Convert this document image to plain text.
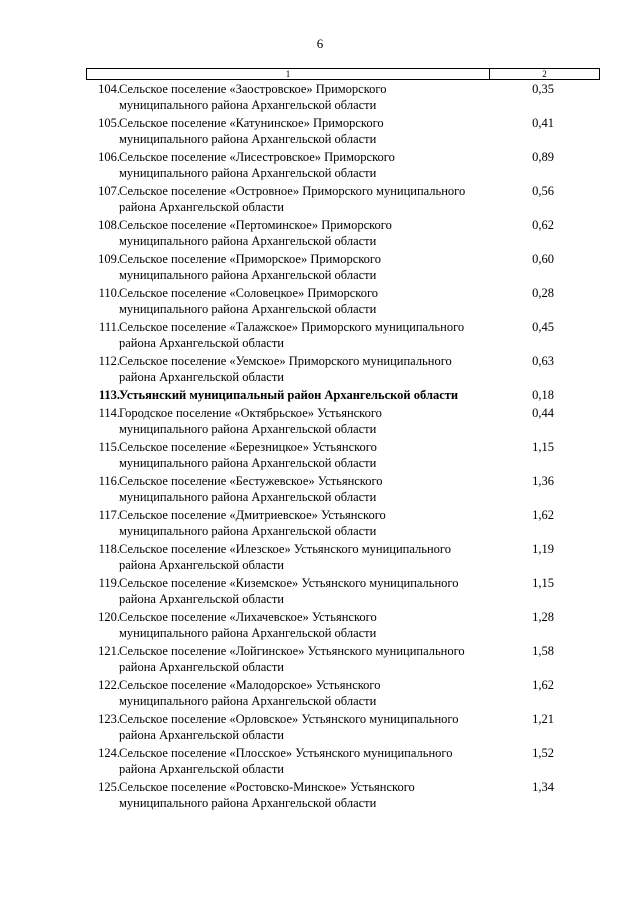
6
1	2
104. Сельское поселение «Заостровское» Приморского
муниципального района Архангельской области
0,35
105. Сельское поселение «Катунинское» Приморского
муниципального района Архангельской области
0,41
106. Сельское поселение «Лисестровское» Приморского
муниципального района Архангельской области
0,89
107. Сельское поселение «Островное» Приморского муниципального
района Архангельской области
0,56
108. Сельское поселение «Пертоминское» Приморского
муниципального района Архангельской области
0,62
109. Сельское поселение «Приморское» Приморского
муниципального района Архангельской области
0,60
110. Сельское поселение «Соловецкое» Приморского
муниципального района Архангельской области
0,28
111. Сельское поселение «Талажское» Приморского муниципального
района Архангельской области
0,45
112. Сельское поселение «Уемское» Приморского муниципального
района Архангельской области
0,63
113. Устьянский муниципальный район Архангельской области	0,18
114. Городское поселение «Октябрьское» Устьянского
муниципального района Архангельской области
0,44
115. Сельское поселение «Березницкое» Устьянского
муниципального района Архангельской области
1,15
116. Сельское поселение «Бестужевское» Устьянского
муниципального района Архангельской области
1,36
117. Сельское поселение «Дмитриевское» Устьянского
муниципального района Архангельской области
1,62
118. Сельское поселение «Илезское» Устьянского муниципального
района Архангельской области
1,19
119. Сельское поселение «Киземское» Устьянского муниципального
района Архангельской области
1,15
120. Сельское поселение «Лихачевское» Устьянского
муниципального района Архангельской области
1,28
121. Сельское поселение «Лойгинское» Устьянского муниципального
района Архангельской области
1,58
122. Сельское поселение «Малодорское» Устьянского
муниципального района Архангельской области
1,62
123. Сельское поселение «Орловское» Устьянского муниципального
района Архангельской области
1,21
124. Сельское поселение «Плосское» Устьянского муниципального
района Архангельской области
1,52
125. Сельское поселение «Ростовско-Минское» Устьянского
муниципального района Архангельской области
1,34
